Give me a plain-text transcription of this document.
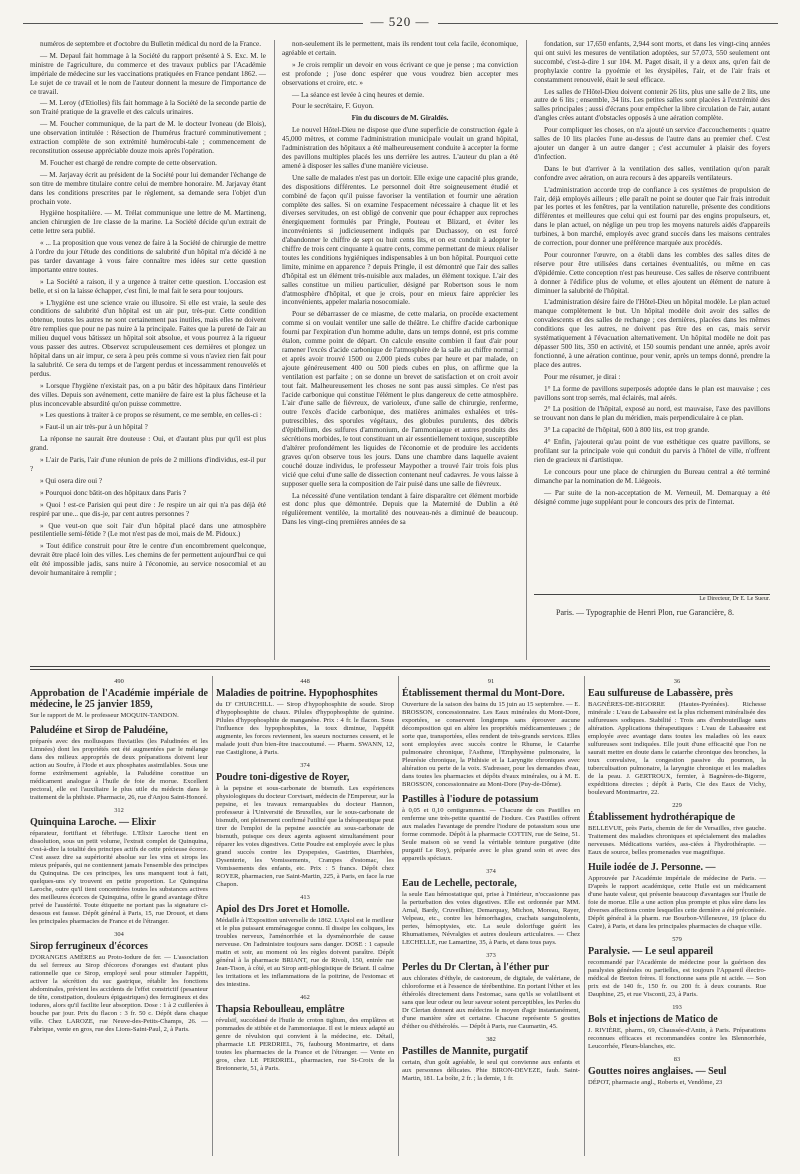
— 520 —

numéros de septembre et d'octobre du Bulletin médical du nord de la France.

— M. Depaul fait hommage à la Société du rapport présenté à S. Exc. M. le ministre de l'agriculture, du commerce et des travaux publics par l'Académie impériale de médecine sur les vaccinations pratiquées en France pendant 1862. — Le sujet de ce travail et le nom de l'auteur donnent la mesure de l'importance de ce travail.

— M. Leroy (d'Etiolles) fils fait hommage à la Société de la seconde partie de son Traité pratique de la gravelle et des calculs urinaires.

— M. Foucher communique, de la part de M. le docteur Ivoneau (de Blois), une observation intitulée : Résection de l'humérus fracturé comminutivement ; extraction complète de son extrémité humérocubi-tale ; commencement de reconstitution osseuse appréciable douze mois après l'opération.

M. Foucher est chargé de rendre compte de cette observation.

— M. Jarjavay écrit au président de la Société pour lui demander l'échange de son titre de membre titulaire contre celui de membre honoraire. M. Jarjavay étant dans les conditions prescrites par le règlement, sa demande sera l'objet d'un prochain vote.

Hygiène hospitalière. — M. Trélat communique une lettre de M. Martineng, ancien chirurgien de 1re classe de la marine. La Société décide qu'un extrait de cette lettre sera publié.

« ... La proposition que vous venez de faire à la Société de chirurgie de mettre à l'ordre du jour l'étude des conditions de salubrité d'un hôpital m'a décidé à ne pas tarder davantage à vous faire connaître mes idées sur cette question importante entre toutes.

» La Société a raison, il y a urgence à traiter cette question. L'occasion est belle, et si on la laisse échapper, c'est fini, le mal fait le sera pour toujours.

» L'hygiène est une science vraie ou illusoire. Si elle est vraie, la seule des conditions de salubrité d'un hôpital est un air pur, très-pur. Cette condition obtenue, toutes les autres ne sont certainement pas inutiles, mais elles ne doivent être remplies que pour ne pas nuire à la principale. Faites que la pureté de l'air au milieu duquel vous bâtissez un hôpital soit absolue, et vous pourrez à la rigueur vous passer des autres. Observez scrupuleusement ces dernières et plongez un hôpital dans un air impur, ce sera à peu près comme si vous n'aviez rien fait pour la salubrité. Ce sera du temps et de l'argent perdus et incessamment renouvelés et perdus.

» Lorsque l'hygiène n'existait pas, on a pu bâtir des hôpitaux dans l'intérieur des villes. Depuis son avénement, cette manière de faire est la plus fâcheuse et la plus inconcevable absurdité qu'on puisse commettre.

» Les questions à traiter à ce propos se résument, ce me semble, en celles-ci :

» Faut-il un air très-pur à un hôpital ?

La réponse ne saurait être douteuse : Oui, et d'autant plus pur qu'il est plus grand.

» L'air de Paris, l'air d'une réunion de près de 2 millions d'individus, est-il pur ?

» Qui osera dire oui ?

» Pourquoi donc bâtit-on des hôpitaux dans Paris ?

» Quoi ! est-ce Parisien qui peut dire : Je respire un air qui n'a pas déjà été respiré par une... que dis-je, par cent autres personnes ?

» Que veut-on que soit l'air d'un hôpital placé dans une atmosphère pestilentielle semi-fétide ? (Le mot n'est pas de moi, mais de M. Pidoux.)

» Tout édifice construit pour être le centre d'un encombrement quelconque, devrait être placé loin des villes. Les chemins de fer permettent aujourd'hui ce qui eût été impossible jadis, sans nuire à l'économie, au service nosocomial et au devoir humanitaire à remplir ;

non-seulement ils le permettent, mais ils rendent tout cela facile, économique, agréable et certain.

» Je crois remplir un devoir en vous écrivant ce que je pense ; ma conviction est profonde ; j'ose donc espérer que vous voudrez bien accepter mes observations et croire, etc. »

— La séance est levée à cinq heures et demie.

Pour le secrétaire, F. Guyon.

Fin du discours de M. Giraldès.

Le nouvel Hôtel-Dieu ne dispose que d'une superficie de construction égale à 45,000 mètres, et comme l'administration municipale voulait un grand hôpital, l'administration des hôpitaux a été malheureusement conduite à accepter la forme des pavillons multiples placés les uns derrière les autres. L'auteur du plan a été amené à disposer les salles d'une manière vicieuse.

Une salle de malades n'est pas un dortoir. Elle exige une capacité plus grande, des dispositions différentes. Le personnel doit être soigneusement étudié et combiné de façon qu'il puisse favoriser la ventilation et fournir une aération complète des salles. Si on examine l'espacement nécessaire à chaque lit et les diverses servitudes, on est obligé de convenir que pour échapper aux reproches énergiquement formulés par Pringle, Pouteau et Blizard, et éviter les inconvénients si judicieusement indiqués par Duchassoy, on est forcé d'abandonner le chiffre de sept ou huit cents lits, et on est conduit à adopter le chiffre de trois cent cinquante à quatre cents, comme permettant de mieux réaliser toutes les conditions hygiéniques indispensables à un bon hôpital. Pourquoi cette limite, minime en apparence ? depuis Pringle, il est démontré que l'air des salles d'hôpital est un élément très-nuisible aux malades, un élément toxique. L'air des salles constitue un milieu particulier, désigné par Robertson sous le nom d'atmosphère d'hôpital, et que je crois, pour en mieux faire apprécier les inconvénients, appeler malaria nosocomiale.

Pour se débarrasser de ce miasme, de cette malaria, on procède exactement comme si on voulait ventiler une salle de théâtre. Le chiffre d'acide carbonique fourni par l'expiration d'un homme adulte, dans un temps donné, est pris comme étalon, comme point de départ. On calcule ensuite combien il faut d'air pour ramener l'excès d'acide carbonique de l'atmosphère de la salle au chiffre normal ; et après avoir trouvé 1500 ou 2,000 pieds cubes par heure et par malade, on ajoute généreusement 400 ou 500 pieds cubes en plus, on affirme que la ventilation est parfaite ; on se donne un brevet de satisfaction et on croit avoir tout fait. Malheureusement les choses ne sont pas aussi simples. Ce n'est pas l'acide carbonique qui constitue l'élément le plus dangereux de cette atmosphère. L'air d'une salle de fiévreux, de varioleux, d'une salle de chirurgie, renferme, outre l'excès d'acide carbonique, des matières animales exhalées et très-putrescibles, des sporules végétaux, des globules purulents, des débris d'épithélium, des sulfures d'ammonium, de l'ammoniaque et autres produits des sécrétions morbides, le tout constituant un air essentiellement toxique, susceptible d'altérer profondément les liquides de l'économie et de produire les accidents graves qu'on observe tous les jours. Dans une chambre dans laquelle avaient couché douze individus, le professeur Maypother a trouvé l'air trois fois plus vicié que celui d'une salle de dissection contenant neuf cadavres. Je vous laisse à supposer quelle sera la composition de l'air puisé dans une salle de fiévreux.

La nécessité d'une ventilation tendant à faire disparaître cet élément morbide est donc plus que démontrée. Depuis que la Maternité de Dublin a été régulièrement ventilée, la mortalité des nouveau-nés a diminué de beaucoup. Dans les vingt-cinq premières années de sa

fondation, sur 17,650 enfants, 2,944 sont morts, et dans les vingt-cinq années qui ont suivi les mesures de ventilation adoptées, sur 57,073, 550 seulement ont succombé, c'est-à-dire 1 sur 104. M. Paget disait, il y a deux ans, qu'en fait de prophylaxie contre la pyoémie et les érysipèles, l'air, et de l'air frais et constamment renouvelé, était le seul efficace.

Les salles de l'Hôtel-Dieu doivent contenir 26 lits, plus une salle de 2 lits, une autre de 6 lits ; ensemble, 34 lits. Les petites salles sont placées à l'extrémité des salles principales ; aussi d'écrans pour empêcher la libre circulation de l'air, autant d'angles crées autant d'obstacles opposés à une aération complète.

Pour compliquer les choses, on n'a ajouté un service d'accouchements : quatre salles de 10 lits placées l'une au-dessus de l'autre dans au premier chef. C'est ajouter un danger à un autre danger ; c'est accumuler à plaisir des foyers d'infection.

Dans le but d'arriver à la ventilation des salles, ventilation qu'on paraît confondre avec aération, on aura recours à des appareils ventilateurs.

L'administration accorde trop de confiance à ces systèmes de propulsion de l'air, déjà employés ailleurs ; elle paraît ne point se douter que l'air frais introduit par les portes et les fenêtres, par la ventilation naturelle, présente des conditions différentes et meilleures que celui qui est fourni par des engins propulseurs, et, dans le plan actuel, on néglige un peu trop les moyens naturels aidés d'appareils turbines, à bon marché, employés avec grand succès dans les maisons centrales de correction, pour donner une préférence marquée aux procédés.

Pour couronner l'œuvre, on a établi dans les combles des salles dites de réserve pour être utilisées dans certaines éventualités, ou même en cas d'épidémie. Cette conception n'est pas heureuse. Ces salles de réserve contribuent à donner à l'édifice plus de volume, et elles ajoutent un élément de nature à diminuer la salubrité de l'hôpital.

L'administration désire faire de l'Hôtel-Dieu un hôpital modèle. Le plan actuel manque complètement le but. Un hôpital modèle doit avoir des salles de convalescents et des salles de rechange ; ces dernières, placées dans les mêmes conditions que les autres, ne doivent pas être des en cas, mais servir systématiquement à l'évacuation alternativement. Un hôpital modèle ne doit pas dépasser 500 lits, 350 en activité, et 150 soumis pendant une année, après avoir fonctionné, à une aération continue, pour venir, après un temps donné, prendre la place des autres.

Pour me résumer, je dirai :

1° La forme de pavillons superposés adoptée dans le plan est mauvaise ; ces pavillons sont trop serrés, mal éclairés, mal aérés.

2° La position de l'hôpital, exposé au nord, est mauvaise, l'axe des pavillons se trouvant non dans le plan du méridien, mais perpendiculaire à ce plan.

3° La capacité de l'hôpital, 600 à 800 lits, est trop grande.

4° Enfin, j'ajouterai qu'au point de vue esthétique ces quatre pavillons, se profilant sur la principale voie qui conduit du parvis à l'hôtel de ville, n'offrent rien de gracieux ni d'artistique.

Le concours pour une place de chirurgien du Bureau central a été terminé dimanche par la nomination de M. Liégeois.

— Par suite de la non-acceptation de M. Verneuil, M. Demarquay a été désigné comme juge suppléant pour le concours des prix de l'internat.

Le Directeur, Dr E. Le Sueur.
Paris. — Typographie de Henri Plon, rue Garancière, 8.
490
Approbation de l'Académie impériale de médecine, le 25 janvier 1859,
Sur le rapport de M. le professeur MOQUIN-TANDON.
Paludéine et Sirop de Paludéine,
préparés avec des mollusques fluviatiles (les Paludinées et les Limnées) dont les propriétés ont été augmentées par le mélange dans des milieux appropriés de deux préparations doivent leur action au Soufre, à l'Iode et aux phosphates assimilables. Sous une forme extrêmement agréable, la Paludéine constitue un médicament analogue à l'huile de foie de morue. Excellent pectoral, elle est l'auxiliaire le plus utile du médecin dans le traitement de la phthisie. Pharmacie, 26, rue d'Anjou Saint-Honoré.
312
Quinquina Laroche. — Elixir
réparateur, fortifiant et fébrifuge. L'Elixir Laroche tient en dissolution, sous un petit volume, l'extrait complet de Quinquina, c'est-à-dire la totalité des principes actifs de cette précieuse écorce. C'est assez dire sa supériorité absolue sur les vins et sirops les mieux préparés, qui ne contiennent jamais l'ensemble des principes du Quinquina. De ces principes, les uns manquent tout à fait, quelques-uns s'y trouvent en petite proportion. Le Quinquina Laroche, outre qu'il tient concentrées toutes les substances actives des meilleures écorces de Quinquina, offre le grand avantage d'être privé de l'austérité. Toute étiquette ne portant pas la signature ci-dessous est fausse. Dépôt général à Paris, 15, rue Drouot, et dans les principales pharmacies de France et de l'étranger.
304
Sirop ferrugineux d'écorces
D'ORANGES AMÈRES au Proto-Iodure de fer. — L'association du sel ferreux au Sirop d'écorces d'oranges est d'autant plus rationnelle que ce Sirop, employé seul pour stimuler l'appétit, activer la sécrétion du suc gastrique, rétablir les fonctions abdominales, prévient les accidents de l'effet constrictif (pesanteur de tête, constipation, douleurs épigastriques) des ferrugineux et des iodures, alors qu'il facilite leur absorption. Dose : 1 à 2 cuillerées à bouche par jour. Prix du flacon : 3 fr. 50 c. Dépôt dans chaque ville. Chez LAROZE, rue Neuve-des-Petits-Champs, 26. — Fabrique, vente en gros, rue des Lions-Saint-Paul, 2, à Paris.
448
Maladies de poitrine. Hypophosphites
du D' CHURCHILL. — Sirop d'hypophosphite de soude. Sirop d'hypophosphite de chaux. Pilules d'hypophosphite de quinine. Pilules d'hypophosphite de manganèse. Prix : 4 fr. le flacon. Sous l'influence des hypophosphites, la toux diminue, l'appétit augmente, les forces reviennent, les sueurs nocturnes cessent, et le malade jouit d'un bien-être inaccoutumé. — Pharm. SWANN, 12, rue Castiglione, à Paris.
374
Poudre toni-digestive de Royer,
à la pepsine et sous-carbonate de bismuth. Les expériences physiologiques du docteur Corvisart, médecin de l'Empereur, sur la pepsine, et les travaux remarquables du docteur Hannon, professeur à l'Université de Bruxelles, sur le sous-carbonate de bismuth, ont pleinement confirmé l'utilité que la thérapeutique peut tirer de l'emploi de la pepsine associée au sous-carbonate de bismuth, puisque ces deux agents agissent simultanément pour réparer les voies digestives. Cette Poudre est employée avec le plus grand succès contre les Dyspepsies, Gastrites, Diarrhées, Dysenterie, les Vomissements, Crampes d'estomac, les Vomissements des enfants, etc. Prix : 5 francs. Dépôt chez ROYER, pharmacien, rue Saint-Martin, 225, à Paris, en face la rue Chapon.
413
Apiol des Drs Joret et Homolle.
Médaille à l'Exposition universelle de 1862. L'Apiol est le meilleur et le plus puissant emménagogue connu. Il dissipe les coliques, les troubles nerveux, l'aménorrhée et la dysménorrhée de cause nerveuse. On l'administre toujours sans danger. DOSE : 1 capsule matin et soir, au moment où les règles doivent paraître. Dépôt général à la pharmacie BRIANT, rue de Rivoli, 150, entrée rue Jean-Tison, à côté, et au Sirop anti-phlogistique de Briant. Il calme les irritations et les inflammations de la poitrine, de l'estomac et des intestins.
462
Thapsia Reboulleau, emplâtre
révulsif, succédané de l'huile de croton tiglium, des emplâtres et pommades de stibiée et de l'ammoniaque. Il est le mieux adapté au genre de révulsion qui convient à la médecine, etc. Détail, pharmacie LE PERDRIEL, 76, faubourg Montmartre, et dans toutes les pharmacies de la France et de l'étranger. — Vente en gros, chez LE PERDRIEL, pharmacien, rue St-Croix de la Bretonnerie, 51, à Paris.
91
Établissement thermal du Mont-Dore.
Ouverture de la saison des bains du 15 juin au 15 septembre. — E. BROSSON, concessionnaire. Les Eaux minérales du Mont-Dore, exportées, se conservent longtemps sans éprouver aucune décomposition qui en altère les propriétés médicamenteuses ; de sorte que, transportées, elles rendent de très-grands services. Elles sont employées avec succès contre le Rhume, le Catarrhe pulmonaire chronique, l'Asthme, l'Emphysème pulmonaire, la Pleurésie chronique, la Phthisie et la Laryngite chroniques avec altération ou perte de la voix. S'adresser, pour les demandes d'eau, dans toutes les pharmacies et dépôts d'eaux minérales, ou à M. E. BROSSON, concessionnaire au Mont-Dore (Puy-de-Dôme).
Pastilles à l'iodure de potassium
à 0,05 et 0,10 centigrammes. — Chacune de ces Pastilles en renferme une très-petite quantité de l'iodure. Ces Pastilles offrent aux malades l'avantage de prendre l'iodure de potassium sous une forme commode. Dépôt à la pharmacie COTTIN, rue de Seine, 51. Seule maison où se vend la véritable teinture purgative (dite purgatif Le Roy), préparée avec le plus grand soin et avec des appareils spéciaux.
374
Eau de Lechelle, pectorale,
la seule Eau hémostatique qui, prise à l'intérieur, n'occasionne pas la perturbation des voies digestives. Elle est ordonnée par MM. Arnal, Bardy, Cruveilhier, Demarquay, Michon, Moreau, Rayer, Velpeau, etc., contre les hémorrhagies, crachats sanguinolents, pertes, hémoptysies, etc. La seule dolorifuge guérit les Rhumatismes, Névralgies et autres douleurs articulaires. — Chez LECHELLE, rue Lamartine, 35, à Paris, et dans tous pays.
373
Perles du Dr Clertan, à l'éther pur
aux chlorates d'éthyle, de castoreum, de digitale, de valériane, de chloroforme et à l'essence de térébenthine. En portant l'éther et les éthérolés directement dans l'estomac, sans qu'ils se volatilisent et sans que leur odeur ou leur saveur soient perceptibles, les Perles du Dr Clertan donnent aux médecins le moyen d'agir instantanément, d'une manière sûre et certaine. Chacune représente 5 gouttes d'éther ou d'éthérolés. — Dépôt à Paris, rue Caumartin, 45.
382
Pastilles de Mannite, purgatif
certain, d'un goût agréable, le seul qui convienne aux enfants et aux personnes délicates. Phie BIRON-DEVEZE, faub. Saint-Martin, 181. La boîte, 2 fr. ; la demie, 1 fr.
36
Eau sulfureuse de Labassère, près
BAGNÈRES-DE-BIGORRE (Hautes-Pyrénées). Richesse minérale : L'eau de Labassère est la plus richement minéralisée des sulfureuses sodiques. Stabilité : Trois ans d'embouteillage sans altération. Applications thérapeutiques : L'eau de Labassère est employée avec avantage dans toutes les maladies où les eaux sulfureuses sont indiquées. Elle jouit d'une efficacité que l'on ne saurait mettre en doute dans le catarrhe chronique des bronches, la toux convulsive, la congestion passive du poumon, la tuberculisation pulmonaire, la laryngite chronique et les maladies de la peau. J. GERTROUX, fermier, à Bagnères-de-Bigorre, expéditions directes ; dépôt à Paris, Cie des Eaux de Vichy, boulevard Montmartre, 22.
229
Établissement hydrothérapique de
BELLEVUE, près Paris, chemin de fer de Versailles, rive gauche. Traitement des maladies chroniques et spécialement des maladies nerveuses. Médications variées, ass-ciées à l'hydrothérapie. — Eaux de source, belles promenades vue magnifique.
Huile iodée de J. Personne. —
Approuvée par l'Académie impériale de médecine de Paris. — D'après le rapport académique, cette Huile est un médicament d'une haute valeur, qui présente beaucoup d'avantages sur l'huile de foie de morue. Elle a une action plus prompte et plus sûre dans les diverses affections contre lesquelles cette dernière a été préconisée. Dépôt général à la pharm. rue Bourbon-Villeneuve, 19 (place du Caire), à Paris, et dans les principales pharmacies de chaque ville.
579
Paralysie. — Le seul appareil
recommandé par l'Académie de médecine pour la guérison des paralysies générales ou partielles, est toujours l'Appareil électro-médical de Breton frères. Il fonctionne sans pile ni acide. — Son prix est de 140 fr., 150 fr. ou 200 fr. à deux courants. Rue Dauphine, 25, et rue Visconti, 23, à Paris.
193
Bols et injections de Matico de
J. RIVIÈRE, pharm., 69, Chaussée-d'Antin, à Paris. Préparations reconnues efficaces et recommandées contre les Blennorrhée, Leucorrhée, Fleurs-blanches, etc.
83
Gouttes noires anglaises. — Seul
DÉPOT, pharmacie angl., Roberts et, Vendôme, 23
